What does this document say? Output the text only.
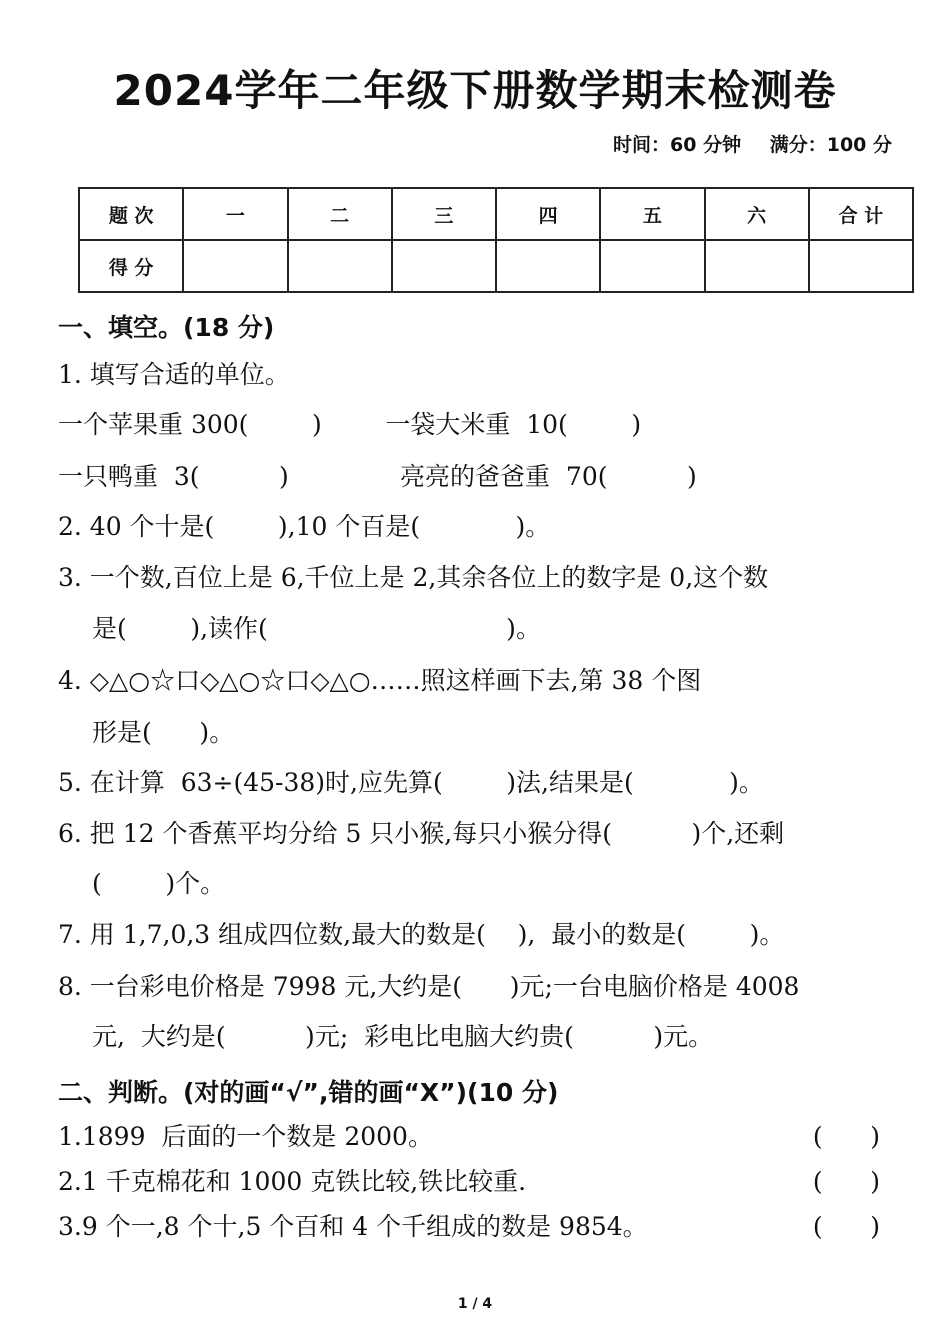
2024学年二年级下册数学期末检测卷
时间：60 分钟 满分：100 分
题 次	一	二	三	四	五	六	合 计
得 分							
一、填空。(18 分)
1. 填写合适的单位。
一个苹果重 300(        )        一袋大米重  10(        )
一只鸭重  3(          )              亮亮的爸爸重  70(          )
2. 40 个十是(        ),10 个百是(            )。
3. 一个数,百位上是 6,千位上是 2,其余各位上的数字是 0,这个数
是(        ),读作(                              )。
4. ◇△○☆口◇△○☆口◇△○……照这样画下去,第 38 个图
形是(      )。
5. 在计算  63÷(45-38)时,应先算(        )法,结果是(            )。
6. 把 12 个香蕉平均分给 5 只小猴,每只小猴分得(          )个,还剩
(        )个。
7. 用 1,7,0,3 组成四位数,最大的数是(    ),  最小的数是(        )。
8. 一台彩电价格是 7998 元,大约是(      )元;一台电脑价格是 4008
元,  大约是(          )元;  彩电比电脑大约贵(          )元。
二、判断。(对的画“√”,错的画“X”)(10 分)
1.1899  后面的一个数是 2000。	(      )
2.1 千克棉花和 1000 克铁比较,铁比较重.	(      )
3.9 个一,8 个十,5 个百和 4 个千组成的数是 9854。	(      )
1 / 4
